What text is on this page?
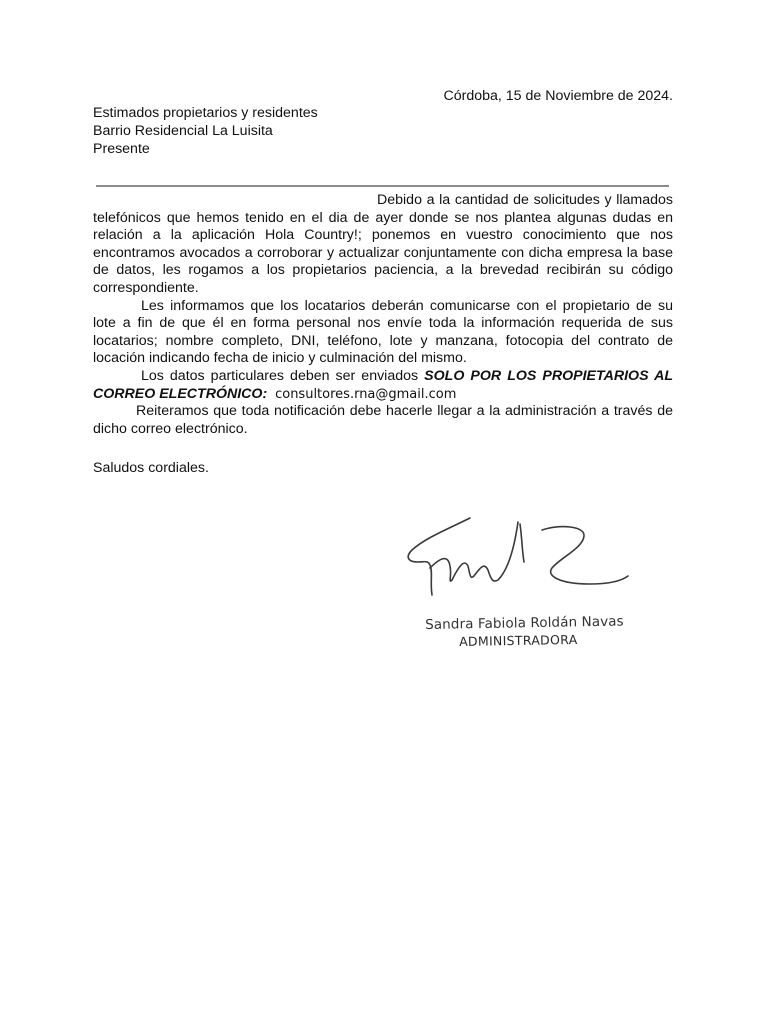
Córdoba, 15 de Noviembre de 2024.
Estimados propietarios y residentes
Barrio Residencial La Luisita
Presente

Debido a la cantidad de solicitudes y llamados telefónicos que hemos tenido en el dia de ayer donde se nos plantea algunas dudas en relación a la aplicación Hola Country!; ponemos en vuestro conocimiento que nos encontramos avocados a corroborar y actualizar conjuntamente con dicha empresa la base de datos, les rogamos a los propietarios paciencia, a la brevedad recibirán su código correspondiente.

Les informamos que los locatarios deberán comunicarse con el propietario de su lote a fin de que él en forma personal nos envíe toda la información requerida de sus locatarios; nombre completo, DNI, teléfono, lote y manzana, fotocopia del contrato de locación indicando fecha de inicio y culminación del mismo.

Los datos particulares deben ser enviados SOLO POR LOS PROPIETARIOS AL CORREO ELECTRÓNICO: consultores.rna@gmail.com

Reiteramos que toda notificación debe hacerle llegar a la administración a través de dicho correo electrónico.

Saludos cordiales.
Sandra Fabiola Roldán Navas
ADMINISTRADORA
